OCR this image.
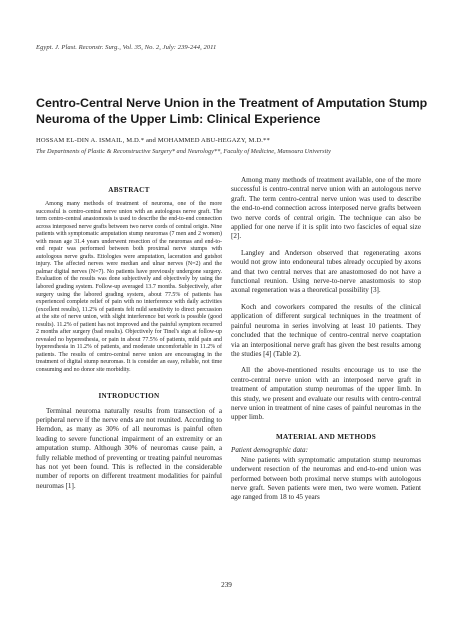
Egypt. J. Plast. Reconstr. Surg., Vol. 35, No. 2, July: 239-244, 2011
Centro-Central Nerve Union in the Treatment of Amputation Stump Neuroma of the Upper Limb: Clinical Experience
HOSSAM EL-DIN A. ISMAIL, M.D.* and MOHAMMED ABU-HEGAZY, M.D.**
The Departments of Plastic & Reconstructive Surgery* and Neurology**, Faculty of Medicine, Mansoura University
ABSTRACT

Among many methods of treatment of neuroma, one of the more successful is centro-central nerve union with an autologous nerve graft. The term centro-central anastomosis is used to describe the end-to-end connection across interposed nerve grafts between two nerve cords of central origin. Nine patients with symptomatic amputation stump neuromas (7 men and 2 women) with mean age 31.4 years underwent resection of the neuromas and end-to-end repair was performed between both proximal nerve stumps with autologous nerve grafts. Etiologies were amputation, laceration and gutshot injury. The affected nerves were median and ulnar nerves (N=2) and the palmar digital nerves (N=7). No patients have previously undergone surgery. Evaluation of the results was done subjectively and objectively by using the labored grading system. Follow-up averaged 13.7 months. Subjectively, after surgery using the labored grading system, about 77.5% of patients has experienced complete relief of pain with no interference with daily activities (excellent results), 11.2% of patients felt mild sensitivity to direct percussion at the site of nerve union, with slight interference but work is possible (good results). 11.2% of patient has not improved and the painful symptom recurred 2 months after surgery (bad results). Objectively for Tinel's sign at follow-up revealed no hyperesthesia, or pain in about 77.5% of patients, mild pain and hyperesthesia in 11.2% of patients, and moderate uncomfortable in 11.2% of patients. The results of centro-central nerve union are encouraging in the treatment of digital stump neuromas. It is consider an easy, reliable, not time consuming and no donor site morbidity.

INTRODUCTION

Terminal neuroma naturally results from transection of a peripheral nerve if the nerve ends are not reunited. According to Herndon, as many as 30% of all neuromas is painful often leading to severe functional impairment of an extremity or an amputation stump. Although 30% of neuromas cause pain, a fully reliable method of preventing or treating painful neuromas has not yet been found. This is reflected in the considerable number of reports on different treatment modalities for painful neuromas [1].

Among many methods of treatment available, one of the more successful is centro-central nerve union with an autologous nerve graft. The term centro-central nerve union was used to describe the end-to-end connection across interposed nerve grafts between two nerve cords of central origin. The technique can also be applied for one nerve if it is split into two fascicles of equal size [2].

Langley and Anderson observed that regenerating axons would not grow into endoneural tubes already occupied by axons and that two central nerves that are anastomosed do not have a functional reunion. Using nerve-to-nerve anastomosis to stop axonal regeneration was a theoretical possibility [3].

Koch and coworkers compared the results of the clinical application of different surgical techniques in the treatment of painful neuroma in series involving at least 10 patients. They concluded that the technique of centro-central nerve coaptation via an interpositional nerve graft has given the best results among the studies [4] (Table 2).

All the above-mentioned results encourage us to use the centro-central nerve union with an interposed nerve graft in treatment of amputation stump neuromas of the upper limb. In this study, we present and evaluate our results with centro-central nerve union in treatment of nine cases of painful neuromas in the upper limb.

MATERIAL AND METHODS
Patient demographic data:

Nine patients with symptomatic amputation stump neuromas underwent resection of the neuromas and end-to-end union was performed between both proximal nerve stumps with autologous nerve graft. Seven patients were men, two were women. Patient age ranged from 18 to 45 years

239
